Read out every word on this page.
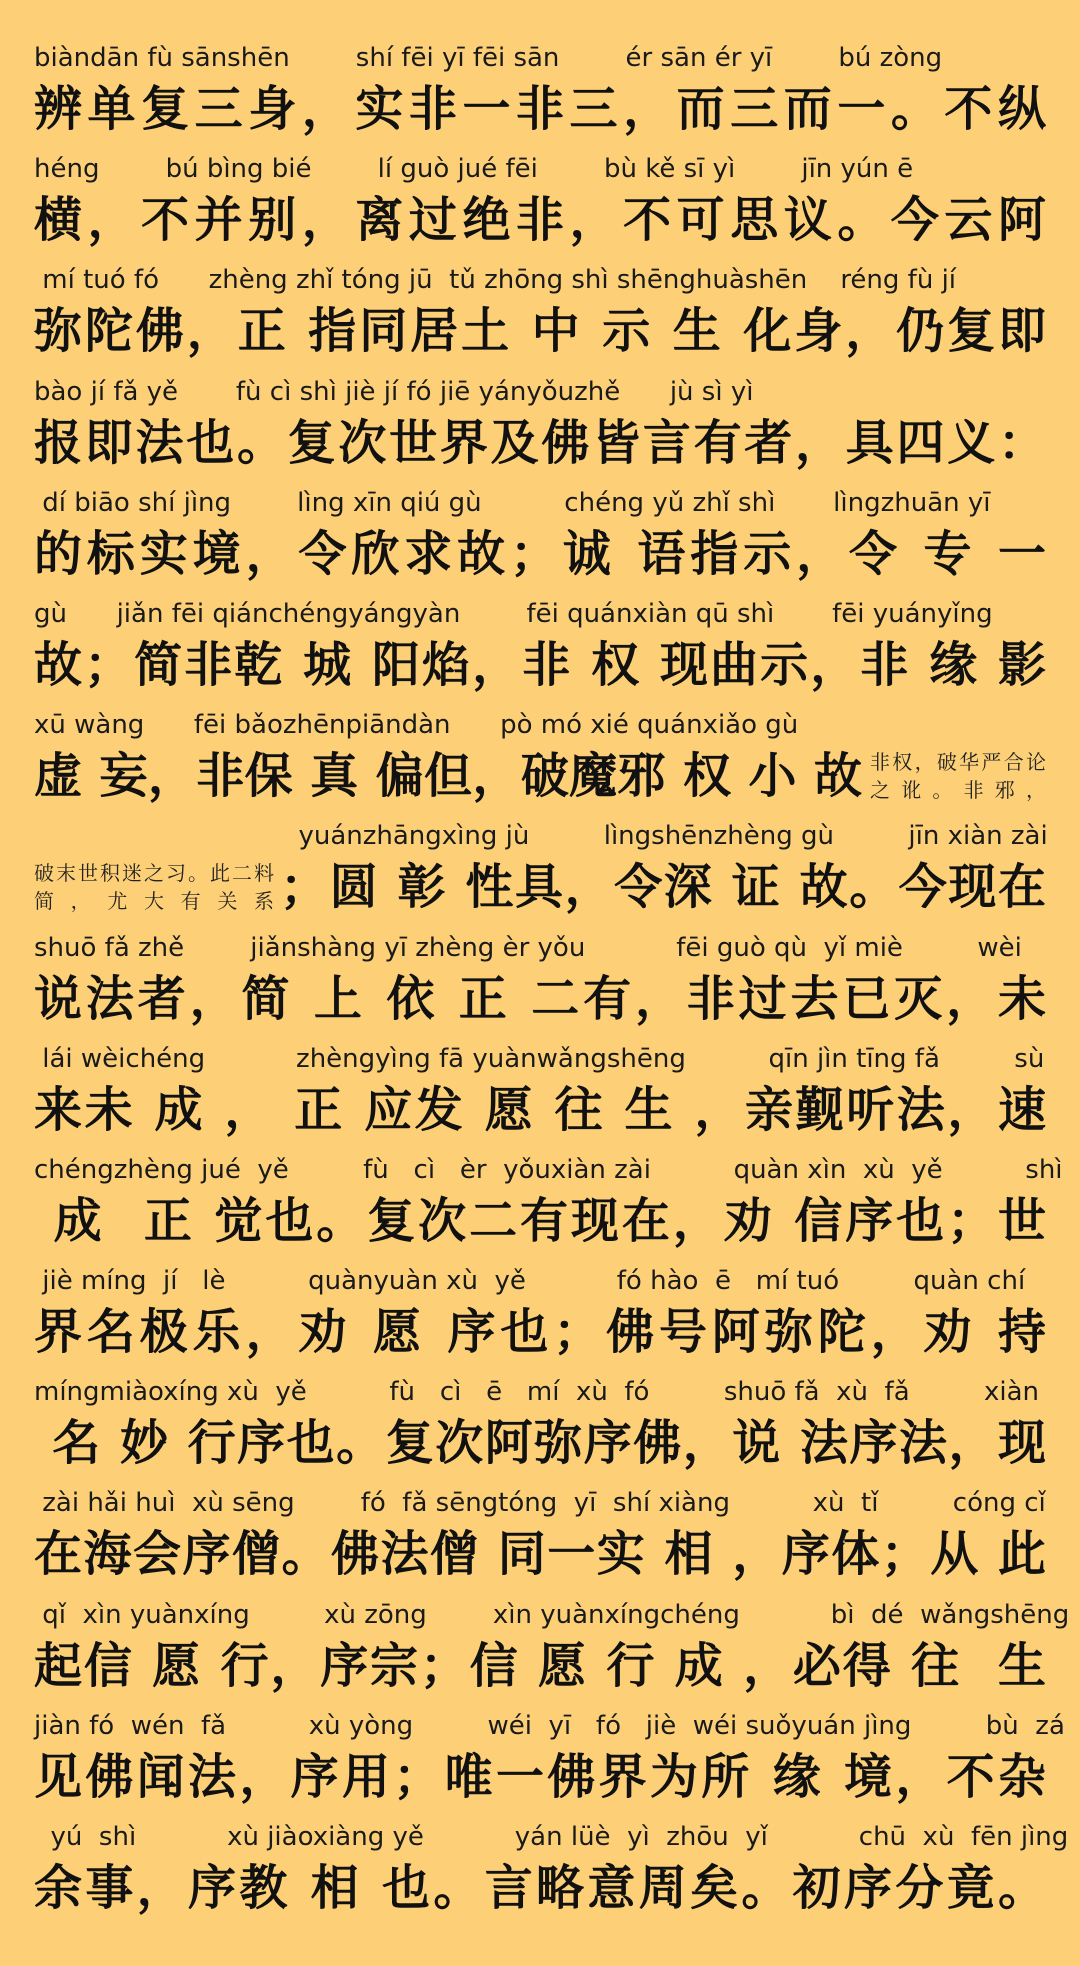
biàndān fù sānshēn        shí fēi yī fēi sān        ér sān ér yī        bú zòng
辨单复三身，实非一非三，而三而一。不纵
héng        bú bìng bié        lí guò jué fēi        bù kě sī yì        jīn yún ē
横，不并别，离过绝非，不可思议。今云阿
mí tuó fó      zhèng zhǐ tóng jū  tǔ zhōng shì shēnghuàshēn    réng fù jí
弥陀佛，正 指同居土 中 示 生 化身，仍复即
bào jí fǎ yě       fù cì shì jiè jí fó jiē yányǒuzhě      jù sì yì
报即法也。复次世界及佛皆言有者，具四义：
dí biāo shí jìng        lìng xīn qiú gù          chéng yǔ zhǐ shì       lìngzhuān yī
的标实境，令欣求故；诚 语指示，令 专 一
gù      jiǎn fēi qiánchéngyángyàn        fēi quánxiàn qū shì       fēi yuányǐng
故；简非乾 城 阳焰，非 权 现曲示，非 缘 影
xū wàng      fēi bǎozhēnpiāndàn      pò mó xié quánxiǎo gù
虚 妄，非保 真 偏但，破魔邪 权 小 故 非权，破华严合论之讹。非邪，
yuánzhāngxìng jù         lìngshēnzhèng gù         jīn xiàn zài
破末世积迷之习。此二料简，尤大有关系 ；圆 彰 性具，令深 证 故。今现在
shuō fǎ zhě        jiǎnshàng yī zhèng èr yǒu           fēi guò qù  yǐ miè         wèi
说法者，简 上 依 正 二有，非过去已灭，未
lái wèichéng           zhèngyìng fā yuànwǎngshēng          qīn jìn tīng fǎ         sù
来未 成 ， 正 应发 愿 往 生 ，亲觐听法，速
chéngzhèng jué  yě         fù   cì   èr  yǒuxiàn zài          quàn xìn  xù  yě          shì
成  正 觉也。复次二有现在，劝 信序也；世
jiè míng  jí   lè          quànyuàn xù  yě           fó hào  ē   mí tuó         quàn chí
界名极乐，劝 愿 序也；佛号阿弥陀，劝 持
míngmiàoxíng xù  yě          fù   cì   ē   mí  xù  fó         shuō fǎ  xù  fǎ         xiàn
名 妙 行序也。复次阿弥序佛，说 法序法，现
zài hǎi huì  xù sēng        fó  fǎ sēngtóng  yī  shí xiàng          xù  tǐ         cóng cǐ
在海会序僧。佛法僧 同一实 相 ，序体；从 此
qǐ  xìn yuànxíng         xù zōng        xìn yuànxíngchéng           bì  dé  wǎngshēng
起信 愿 行，序宗；信 愿 行 成 ，必得 往  生
jiàn fó  wén  fǎ          xù yòng         wéi  yī   fó   jiè  wéi suǒyuán jìng         bù  zá
见佛闻法，序用；唯一佛界为所 缘 境，不杂
yú  shì           xù jiàoxiàng yě           yán lüè  yì  zhōu  yǐ           chū  xù  fēn jìng
余事，序教 相 也。言略意周矣。初序分竟。
